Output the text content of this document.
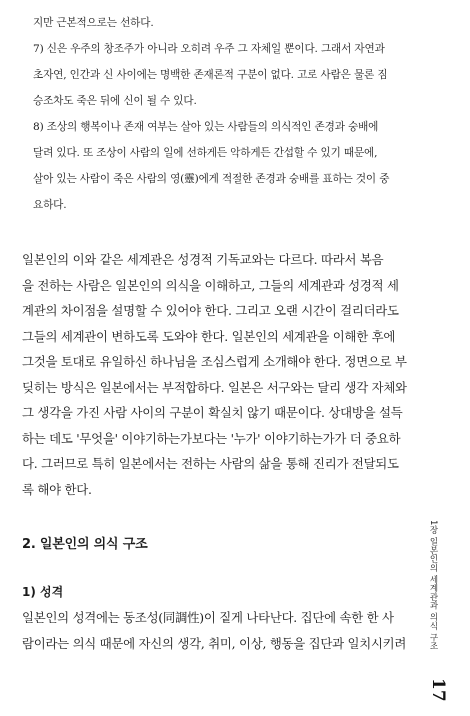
지만 근본적으로는 선하다.
7) 신은 우주의 창조주가 아니라 오히려 우주 그 자체일 뿐이다. 그래서 자연과
초자연, 인간과 신 사이에는 명백한 존재론적 구분이 없다. 고로 사람은 물론 짐
승조차도 죽은 뒤에 신이 될 수 있다.
8) 조상의 행복이나 존재 여부는 살아 있는 사람들의 의식적인 존경과 숭배에
달려 있다. 또 조상이 사람의 일에 선하게든 악하게든 간섭할 수 있기 때문에,
살아 있는 사람이 죽은 사람의 영(靈)에게 적절한 존경과 숭배를 표하는 것이 중
요하다.
일본인의 이와 같은 세계관은 성경적 기독교와는 다르다. 따라서 복음
을 전하는 사람은 일본인의 의식을 이해하고, 그들의 세계관과 성경적 세
계관의 차이점을 설명할 수 있어야 한다. 그리고 오랜 시간이 걸리더라도
그들의 세계관이 변하도록 도와야 한다. 일본인의 세계관을 이해한 후에
그것을 토대로 유일하신 하나님을 조심스럽게 소개해야 한다. 정면으로 부
딪히는 방식은 일본에서는 부적합하다. 일본은 서구와는 달리 생각 자체와
그 생각을 가진 사람 사이의 구분이 확실치 않기 때문이다. 상대방을 설득
하는 데도 '무엇을' 이야기하는가보다는 '누가' 이야기하는가가 더 중요하
다. 그러므로 특히 일본에서는 전하는 사람의 삶을 통해 진리가 전달되도
록 해야 한다.
2. 일본인의 의식 구조
1) 성격
일본인의 성격에는 동조성(同調性)이 짙게 나타난다. 집단에 속한 한 사
람이라는 의식 때문에 자신의 생각, 취미, 이상, 행동을 집단과 일치시키려	1장 일본인의 세계관과 의식 구조
17
